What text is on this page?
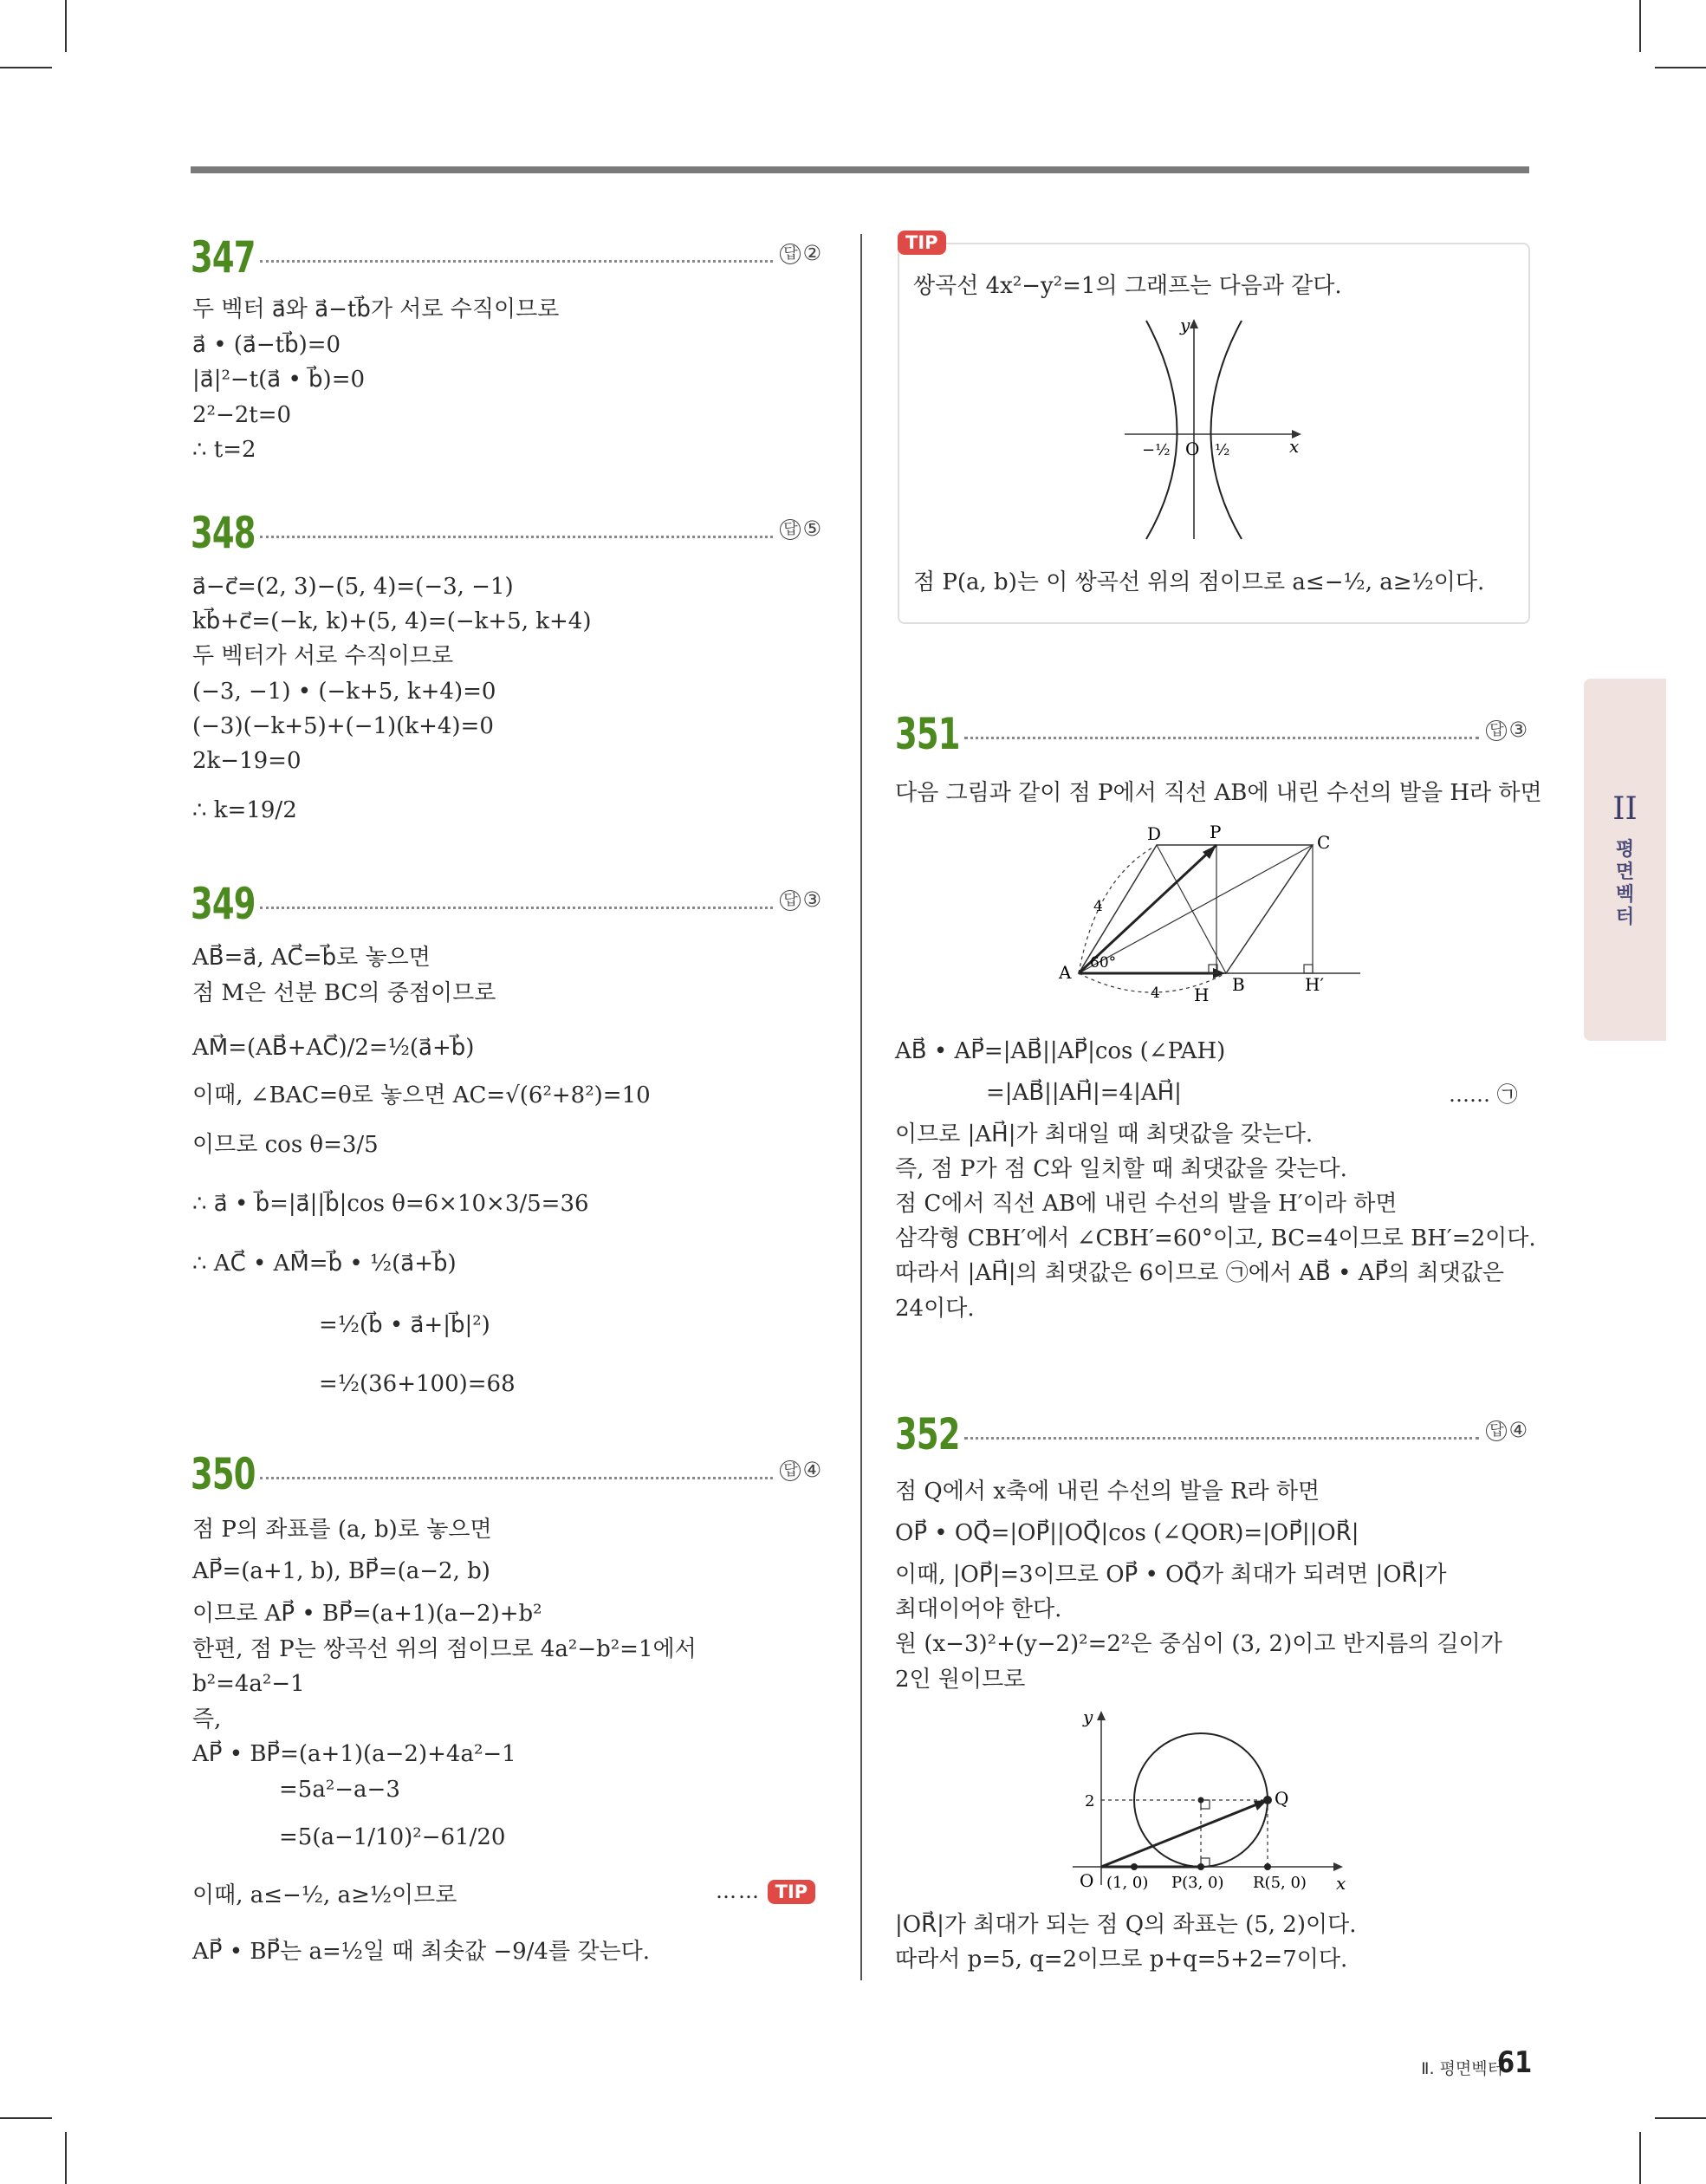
347	답 ②
두 벡터 a⃗와 a⃗−tb⃗가 서로 수직이므로
a⃗ • (a⃗−tb⃗)=0
|a⃗|²−t(a⃗ • b⃗)=0
2²−2t=0
∴ t=2
348	답 ⑤
a⃗−c⃗=(2, 3)−(5, 4)=(−3, −1)
kb⃗+c⃗=(−k, k)+(5, 4)=(−k+5, k+4)
두 벡터가 서로 수직이므로
(−3, −1) • (−k+5, k+4)=0
(−3)(−k+5)+(−1)(k+4)=0
2k−19=0
∴ k=19/2
349	답 ③
AB⃗=a⃗, AC⃗=b⃗로 놓으면
점 M은 선분 BC의 중점이므로
AM⃗=(AB⃗+AC⃗)/2=½(a⃗+b⃗)
이때, ∠BAC=θ로 놓으면 AC=√(6²+8²)=10
이므로 cos θ=3/5
∴ a⃗ • b⃗=|a⃗||b⃗|cos θ=6×10×3/5=36
∴ AC⃗ • AM⃗=b⃗ • ½(a⃗+b⃗)
=½(b⃗ • a⃗+|b⃗|²)
=½(36+100)=68
350	답 ④
점 P의 좌표를 (a, b)로 놓으면
AP⃗=(a+1, b), BP⃗=(a−2, b)
이므로 AP⃗ • BP⃗=(a+1)(a−2)+b²
한편, 점 P는 쌍곡선 위의 점이므로 4a²−b²=1에서
b²=4a²−1
즉,
AP⃗ • BP⃗=(a+1)(a−2)+4a²−1
=5a²−a−3
=5(a−1/10)²−61/20
이때, a≤−½, a≥½이므로	…… TIP
AP⃗ • BP⃗는 a=½일 때 최솟값 −9/4를 갖는다.
TIP
쌍곡선 4x²−y²=1의 그래프는 다음과 같다.
y
x
O
−½	½
점 P(a, b)는 이 쌍곡선 위의 점이므로 a≤−½, a≥½이다.
351	답 ③
다음 그림과 같이 점 P에서 직선 AB에 내린 수선의 발을 H라 하면
D	P	C
A
H B	H′
60°
4
4
AB⃗ • AP⃗=|AB⃗||AP⃗|cos (∠PAH)
=|AB⃗||AH⃗|=4|AH⃗|	…… ㉠
이므로 |AH⃗|가 최대일 때 최댓값을 갖는다.
즉, 점 P가 점 C와 일치할 때 최댓값을 갖는다.
점 C에서 직선 AB에 내린 수선의 발을 H′이라 하면
삼각형 CBH′에서 ∠CBH′=60°이고, BC=4이므로 BH′=2이다.
따라서 |AH⃗|의 최댓값은 6이므로 ㉠에서 AB⃗ • AP⃗의 최댓값은
24이다.
352	답 ④
점 Q에서 x축에 내린 수선의 발을 R라 하면
OP⃗ • OQ⃗=|OP⃗||OQ⃗|cos (∠QOR)=|OP⃗||OR⃗|
이때, |OP⃗|=3이므로 OP⃗ • OQ⃗가 최대가 되려면 |OR⃗|가
최대이어야 한다.
원 (x−3)²+(y−2)²=2²은 중심이 (3, 2)이고 반지름의 길이가
2인 원이므로
y
x
O
2	Q
(1, 0) P(3, 0) R(5, 0)
|OR⃗|가 최대가 되는 점 Q의 좌표는 (5, 2)이다.
따라서 p=5, q=2이므로 p+q=5+2=7이다.
II
평
면
벡
터
Ⅱ. 평면벡터
61
